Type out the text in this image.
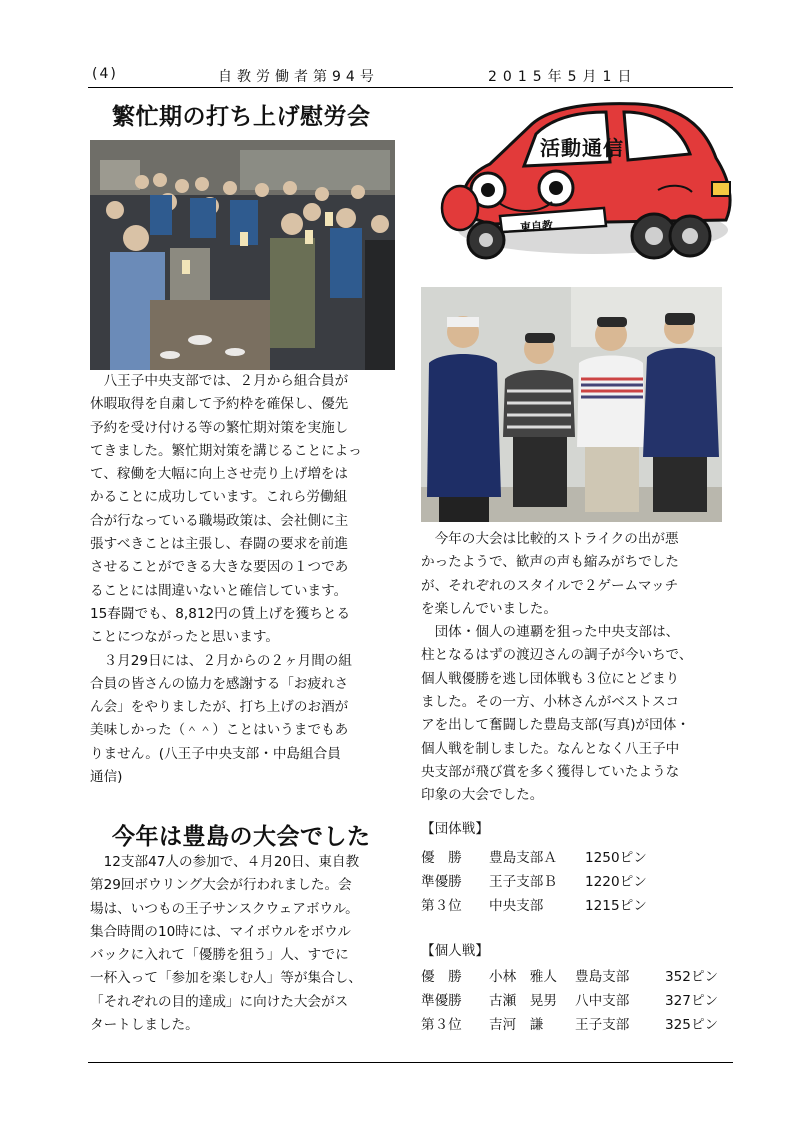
(4)	自教労働者第94号	2015年5月1日
繁忙期の打ち上げ慰労会
　八王子中央支部では、２月から組合員が
休暇取得を自粛して予約枠を確保し、優先
予約を受け付ける等の繁忙期対策を実施し
てきました。繁忙期対策を講じることによっ
て、稼働を大幅に向上させ売り上げ増をは
かることに成功しています。これら労働組
合が行なっている職場政策は、会社側に主
張すべきことは主張し、春闘の要求を前進
させることができる大きな要因の１つであ
ることには間違いないと確信しています。
15春闘でも、8,812円の賃上げを獲ちとる
ことにつながったと思います。
　３月29日には、２月からの２ヶ月間の組
合員の皆さんの協力を感謝する「お疲れさ
ん会」をやりましたが、打ち上げのお酒が
美味しかった（＾＾）ことはいうまでもあ
りません。(八王子中央支部・中島組合員
通信)
活動通信
東自教
今年は豊島の大会でした
　12支部47人の参加で、４月20日、東自教
第29回ボウリング大会が行われました。会
場は、いつもの王子サンスクウェアボウル。
集合時間の10時には、マイボウルをボウル
バックに入れて「優勝を狙う」人、すでに
一杯入って「参加を楽しむ人」等が集合し、
「それぞれの目的達成」に向けた大会がス
タートしました。
　今年の大会は比較的ストライクの出が悪
かったようで、歓声の声も縮みがちでした
が、それぞれのスタイルで２ゲームマッチ
を楽しんでいました。
　団体・個人の連覇を狙った中央支部は、
柱となるはずの渡辺さんの調子が今いちで、
個人戦優勝を逃し団体戦も３位にとどまり
ました。その一方、小林さんがベストスコ
アを出して奮闘した豊島支部(写真)が団体・
個人戦を制しました。なんとなく八王子中
央支部が飛び賞を多く獲得していたような
印象の大会でした。
【団体戦】
優　勝	豊島支部Ａ	1250ピン
準優勝	王子支部Ｂ	1220ピン
第３位	中央支部	1215ピン
【個人戦】
優　勝	小林　雅人	豊島支部	352ピン
準優勝	古瀬　晃男	八中支部	327ピン
第３位	吉河　謙	王子支部	325ピン
